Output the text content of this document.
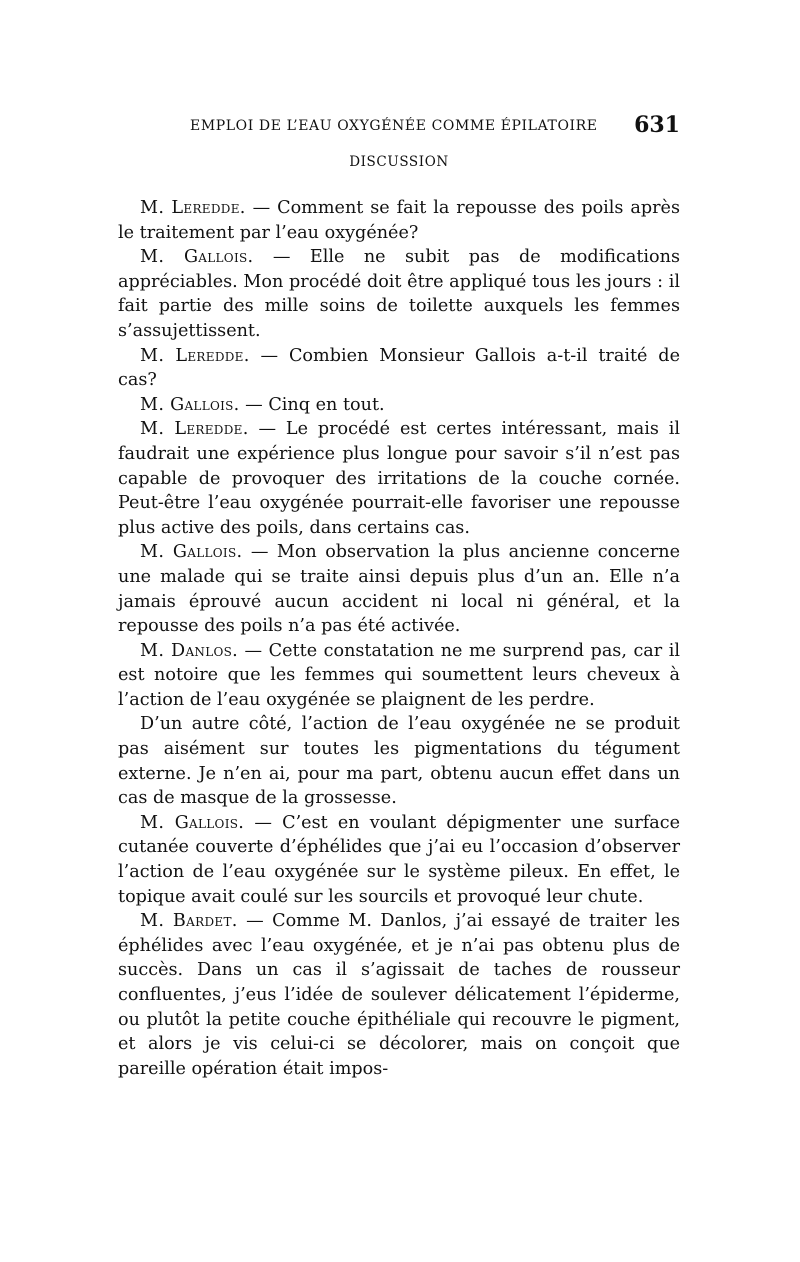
EMPLOI DE L’EAU OXYGÉNÉE COMME ÉPILATOIRE 631
DISCUSSION

M. Leredde. — Comment se fait la repousse des poils après le traitement par l’eau oxygénée?

M. Gallois. — Elle ne subit pas de modifications appréciables. Mon procédé doit être appliqué tous les jours : il fait partie des mille soins de toilette auxquels les femmes s’assujettissent.

M. Leredde. — Combien Monsieur Gallois a-t-il traité de cas?

M. Gallois. — Cinq en tout.

M. Leredde. — Le procédé est certes intéressant, mais il faudrait une expérience plus longue pour savoir s’il n’est pas capable de provoquer des irritations de la couche cornée. Peut-être l’eau oxygénée pourrait-elle favoriser une repousse plus active des poils, dans certains cas.

M. Gallois. — Mon observation la plus ancienne concerne une malade qui se traite ainsi depuis plus d’un an. Elle n’a jamais éprouvé aucun accident ni local ni général, et la repousse des poils n’a pas été activée.

M. Danlos. — Cette constatation ne me surprend pas, car il est notoire que les femmes qui soumettent leurs cheveux à l’action de l’eau oxygénée se plaignent de les perdre.

D’un autre côté, l’action de l’eau oxygénée ne se produit pas aisément sur toutes les pigmentations du tégument externe. Je n’en ai, pour ma part, obtenu aucun effet dans un cas de masque de la grossesse.

M. Gallois. — C’est en voulant dépigmenter une surface cutanée couverte d’éphélides que j’ai eu l’occasion d’observer l’action de l’eau oxygénée sur le système pileux. En effet, le topique avait coulé sur les sourcils et provoqué leur chute.

M. Bardet. — Comme M. Danlos, j’ai essayé de traiter les éphélides avec l’eau oxygénée, et je n’ai pas obtenu plus de succès. Dans un cas il s’agissait de taches de rousseur confluentes, j’eus l’idée de soulever délicatement l’épiderme, ou plutôt la petite couche épithéliale qui recouvre le pigment, et alors je vis celui-ci se décolorer, mais on conçoit que pareille opération était impos-
